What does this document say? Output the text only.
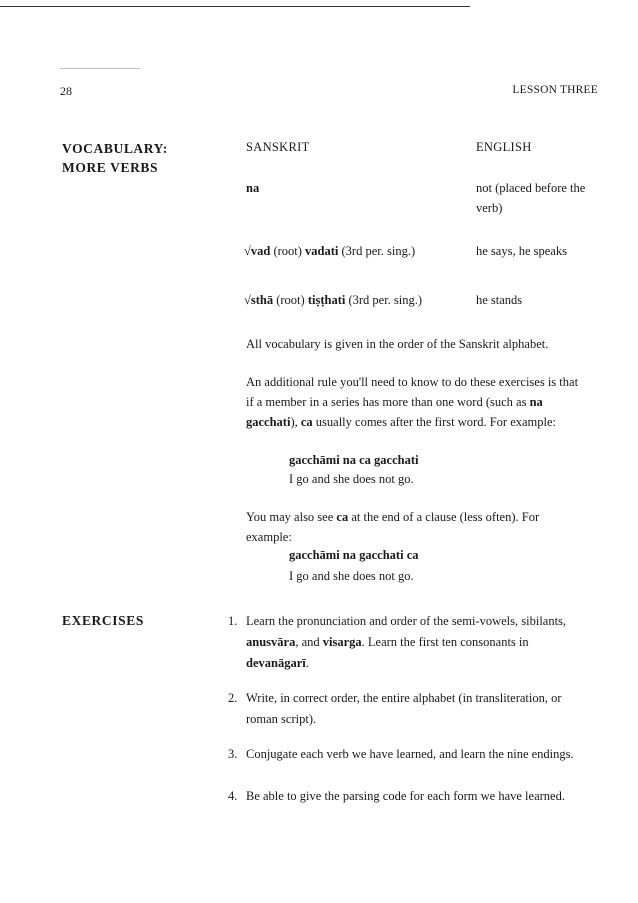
28	LESSON THREE
VOCABULARY:
MORE VERBS
SANSKRIT	ENGLISH
na	not (placed before the
verb)
√vad (root) vadati (3rd per. sing.)	he says, he speaks
√sthā (root) tiṣṭhati (3rd per. sing.)	he stands
All vocabulary is given in the order of the Sanskrit alphabet.
An additional rule you'll need to know to do these exercises is that
if a member in a series has more than one word (such as na
gacchati), ca usually comes after the first word. For example:
gacchāmi na ca gacchati
I go and she does not go.
You may also see ca at the end of a clause (less often). For
example:
gacchāmi na gacchati ca
I go and she does not go.
EXERCISES	1. Learn the pronunciation and order of the semi-vowels, sibilants,
anusvāra, and visarga. Learn the first ten consonants in
devanāgarī.
2. Write, in correct order, the entire alphabet (in transliteration, or
roman script).
3. Conjugate each verb we have learned, and learn the nine endings.
4. Be able to give the parsing code for each form we have learned.
